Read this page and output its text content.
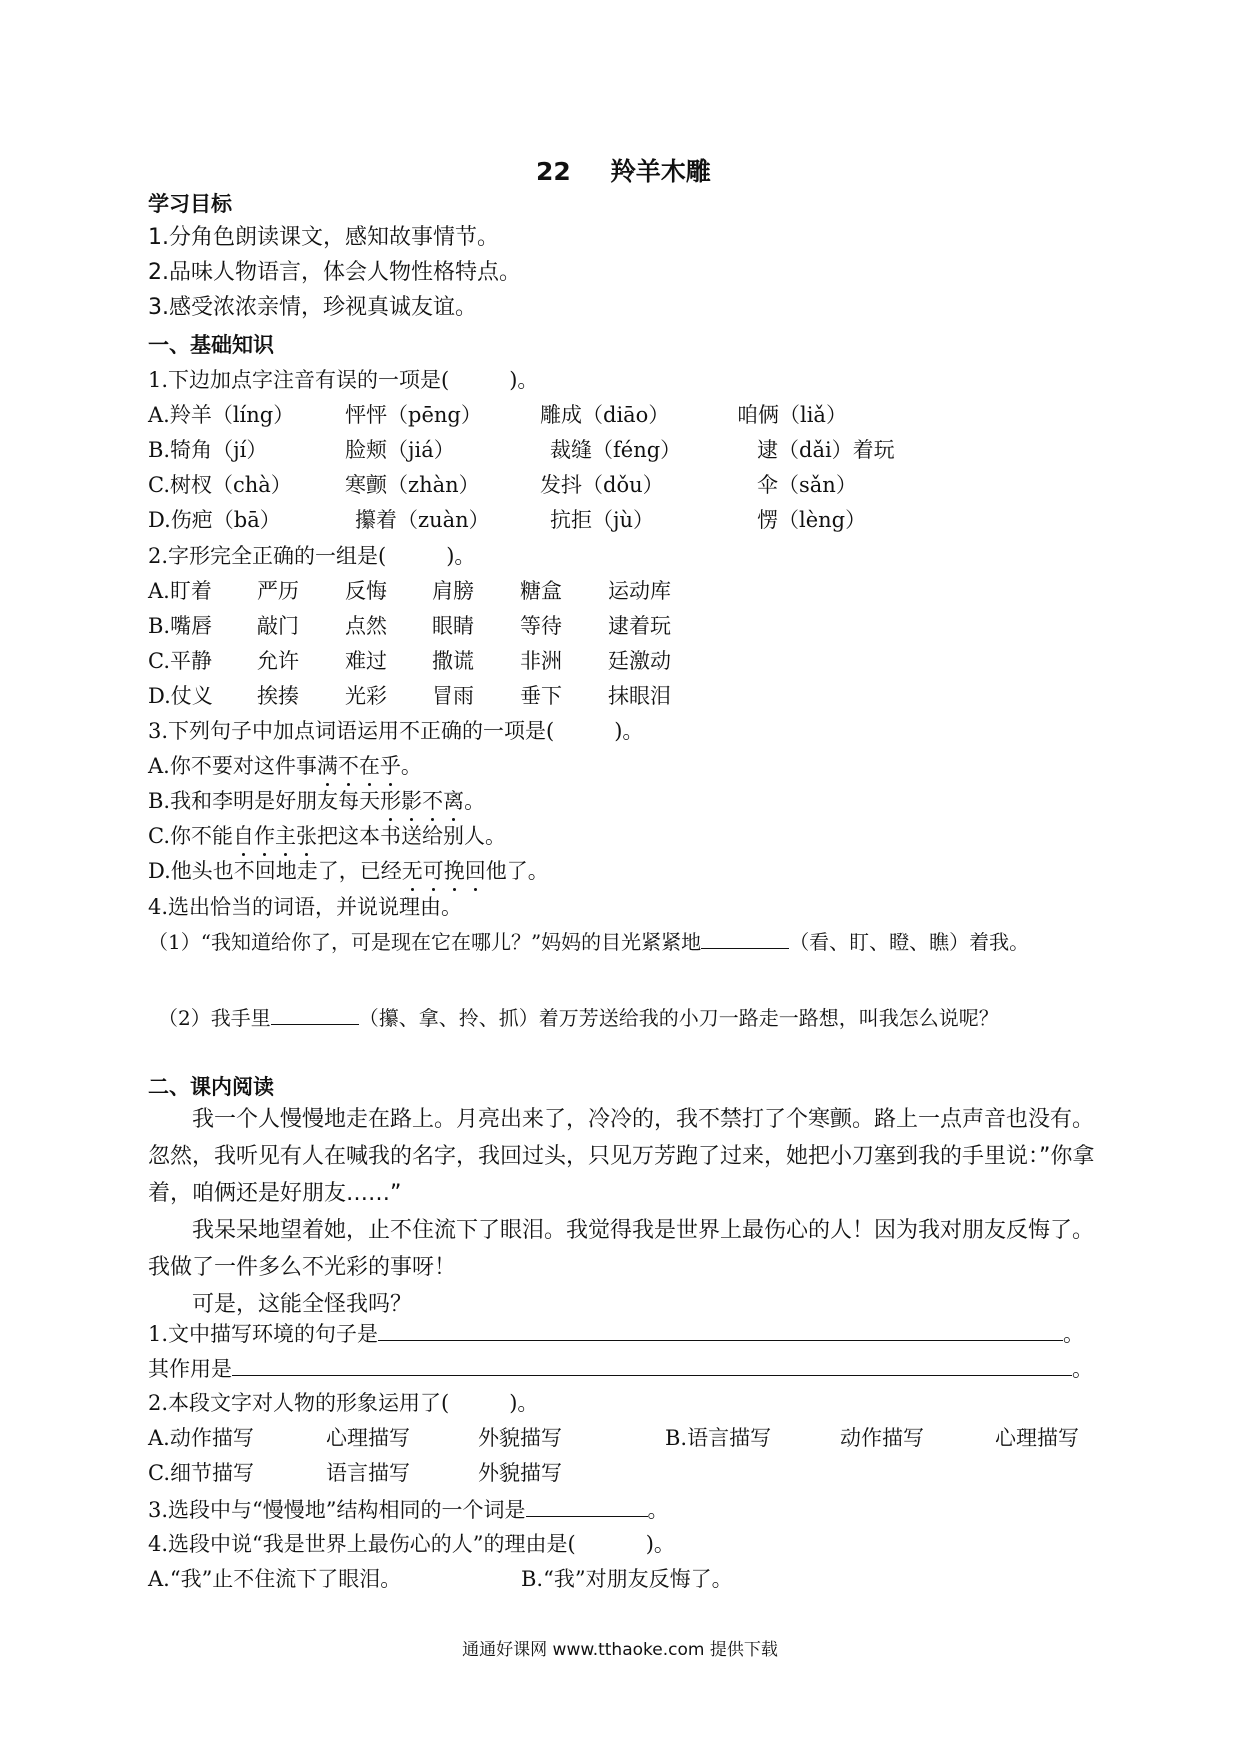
22 羚羊木雕
学习目标
1.分角色朗读课文，感知故事情节。
2.品味人物语言，体会人物性格特点。
3.感受浓浓亲情，珍视真诚友谊。
一、基础知识
1.下边加点字注音有误的一项是(	)。
A.羚羊（líng） 怦怦（pēng）	雕成（diāo）	咱俩（liǎ）
B.犄角（jí）	脸颊（jiá）	裁缝（féng）	逮（dǎi）着玩
C.树杈（chà）	寒颤（zhàn）	发抖（dǒu）	伞（sǎn）
D.伤疤（bā）	攥着（zuàn）	抗拒（jù）	愣（lèng）
2.字形完全正确的一组是(	)。
A.盯着 严历 反悔 肩膀 糖盒 运动库
B.嘴唇 敲门 点然 眼睛 等待 逮着玩
C.平静 允许 难过 撒谎 非洲 廷激动
D.仗义 挨揍 光彩 冒雨 垂下 抹眼泪
3.下列句子中加点词语运用不正确的一项是(	)。
A.你不要对这件事满不在乎。
B.我和李明是好朋友每天形影不离。
C.你不能自作主张把这本书送给别人。
D.他头也不回地走了，已经无可挽回他了。
4.选出恰当的词语，并说说理由。
（1）“我知道给你了，可是现在它在哪儿？”妈妈的目光紧紧地	（看、盯、瞪、瞧）着我。
（2）我手里	（攥、拿、拎、抓）着万芳送给我的小刀一路走一路想，叫我怎么说呢？
二、课内阅读
　　我一个人慢慢地走在路上。月亮出来了，冷冷的，我不禁打了个寒颤。路上一点声音也没有。忽然，我听见有人在喊我的名字，我回过头，只见万芳跑了过来，她把小刀塞到我的手里说：”你拿着，咱俩还是好朋友……”
　　我呆呆地望着她，止不住流下了眼泪。我觉得我是世界上最伤心的人！因为我对朋友反悔了。我做了一件多么不光彩的事呀！
　　可是，这能全怪我吗？
1.文中描写环境的句子是	。
其作用是	。
2.本段文字对人物的形象运用了(	)。
A.动作描写	心理描写	外貌描写	B.语言描写	动作描写	心理描写
C.细节描写	语言描写	外貌描写
3.选段中与“慢慢地”结构相同的一个词是	。
4.选段中说“我是世界上最伤心的人”的理由是(	)。
A.“我”止不住流下了眼泪。	B.“我”对朋友反悔了。
通通好课网 www.tthaoke.com 提供下载
